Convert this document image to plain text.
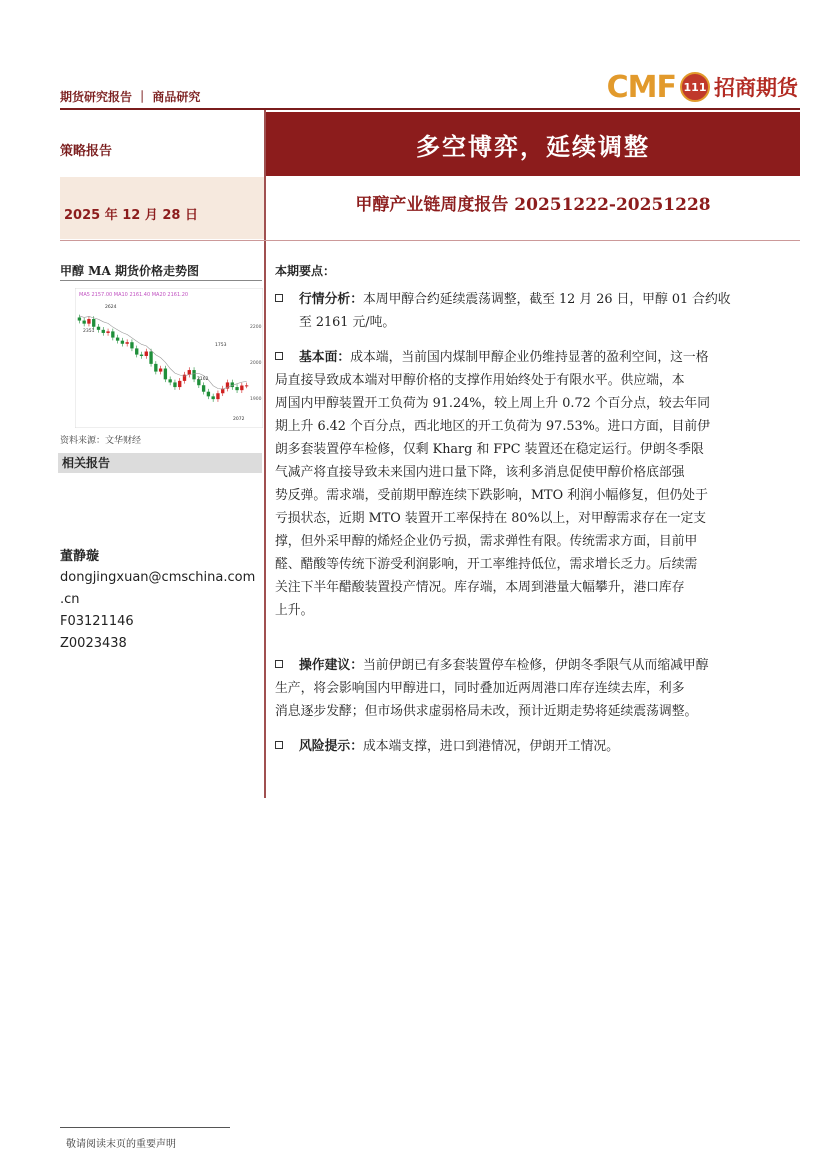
期货研究报告 ｜ 商品研究	CMF 111 招商期货
策略报告	多空博弈，延续调整
2025 年 12 月 28 日
甲醇产业链周度报告 20251222-20251228
甲醇 MA 期货价格走势图
MA5 2157.00 MA10 2161.40 MA20 2161.20
2200
2000
1900
2624
2351
2162
2072
1753
资料来源：文华财经
相关报告
董静璇
dongjingxuan@cmschina.com
.cn
F03121146
Z0023438
本期要点：
行情分析：本周甲醇合约延续震荡调整，截至 12 月 26 日，甲醇 01 合约收
至 2161 元/吨。
基本面：成本端，当前国内煤制甲醇企业仍维持显著的盈利空间，这一格
局直接导致成本端对甲醇价格的支撑作用始终处于有限水平。供应端，本
周国内甲醇装置开工负荷为 91.24%，较上周上升 0.72 个百分点，较去年同
期上升 6.42 个百分点，西北地区的开工负荷为 97.53%。进口方面，目前伊
朗多套装置停车检修，仅剩 Kharg 和 FPC 装置还在稳定运行。伊朗冬季限
气减产将直接导致未来国内进口量下降，该利多消息促使甲醇价格底部强
势反弹。需求端，受前期甲醇连续下跌影响，MTO 利润小幅修复，但仍处于
亏损状态，近期 MTO 装置开工率保持在 80%以上，对甲醇需求存在一定支
撑，但外采甲醇的烯烃企业仍亏损，需求弹性有限。传统需求方面，目前甲
醛、醋酸等传统下游受利润影响，开工率维持低位，需求增长乏力。后续需
关注下半年醋酸装置投产情况。库存端，本周到港量大幅攀升，港口库存
上升。
操作建议：当前伊朗已有多套装置停车检修，伊朗冬季限气从而缩减甲醇
生产，将会影响国内甲醇进口，同时叠加近两周港口库存连续去库，利多
消息逐步发酵；但市场供求虚弱格局未改，预计近期走势将延续震荡调整。
风险提示：成本端支撑，进口到港情况，伊朗开工情况。
敬请阅读末页的重要声明
